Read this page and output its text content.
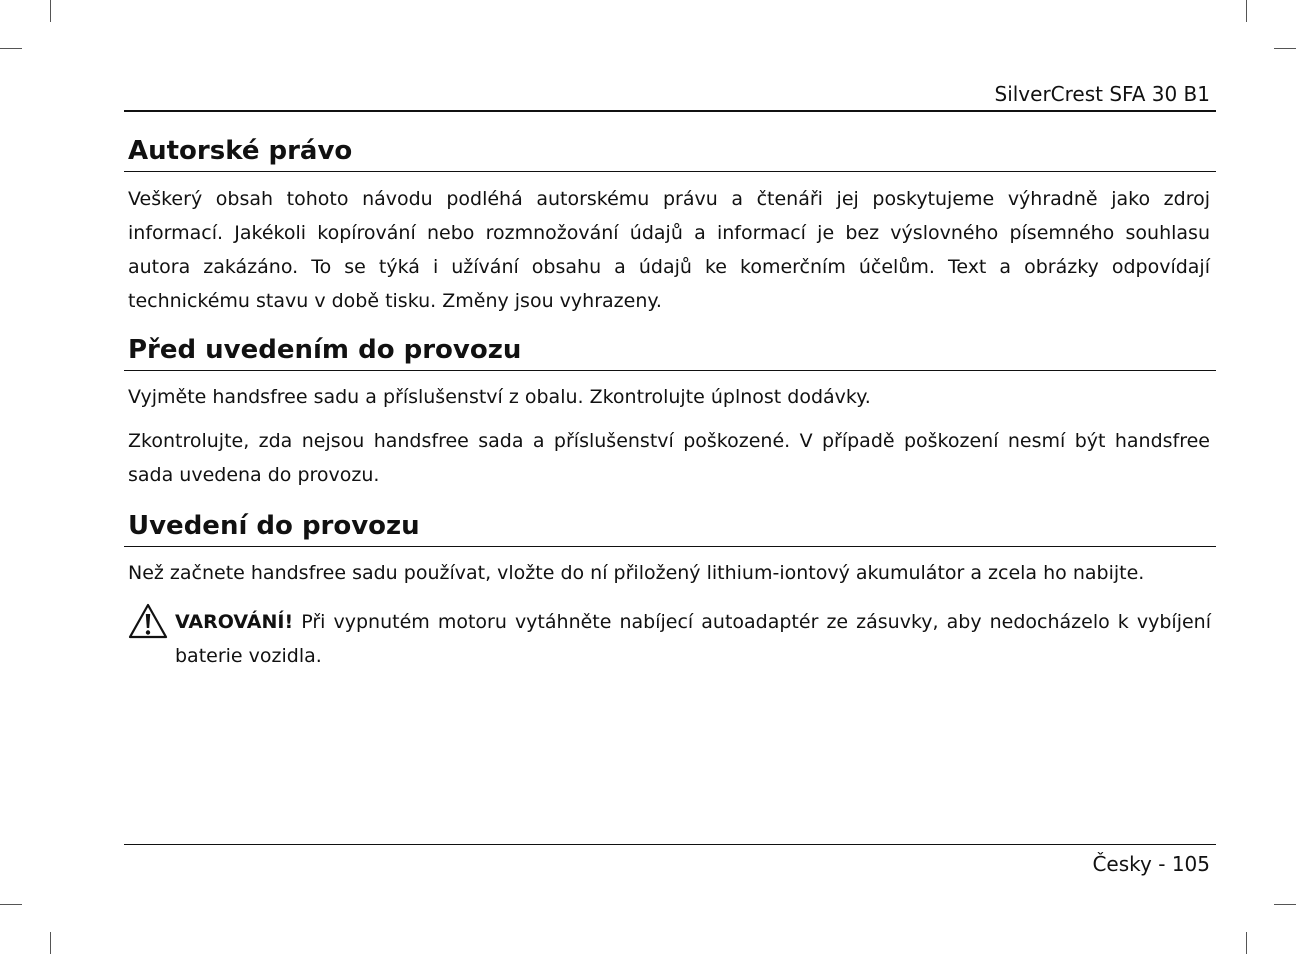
SilverCrest SFA 30 B1
Autorské právo

Veškerý obsah tohoto návodu podléhá autorskému právu a čtenáři jej poskytujeme výhradně jako zdroj informací. Jakékoli kopírování nebo rozmnožování údajů a informací je bez výslovného písemného souhlasu autora zakázáno. To se týká i užívání obsahu a údajů ke komerčním účelům. Text a obrázky odpovídají technickému stavu v době tisku. Změny jsou vyhrazeny.

Před uvedením do provozu

Vyjměte handsfree sadu a příslušenství z obalu. Zkontrolujte úplnost dodávky.

Zkontrolujte, zda nejsou handsfree sada a příslušenství poškozené. V případě poškození nesmí být handsfree sada uvedena do provozu.

Uvedení do provozu

Než začnete handsfree sadu používat, vložte do ní přiložený lithium-iontový akumulátor a zcela ho nabijte.

VAROVÁNÍ! Při vypnutém motoru vytáhněte nabíjecí autoadaptér ze zásuvky, aby nedocházelo k vybíjení baterie vozidla.

Česky - 105
